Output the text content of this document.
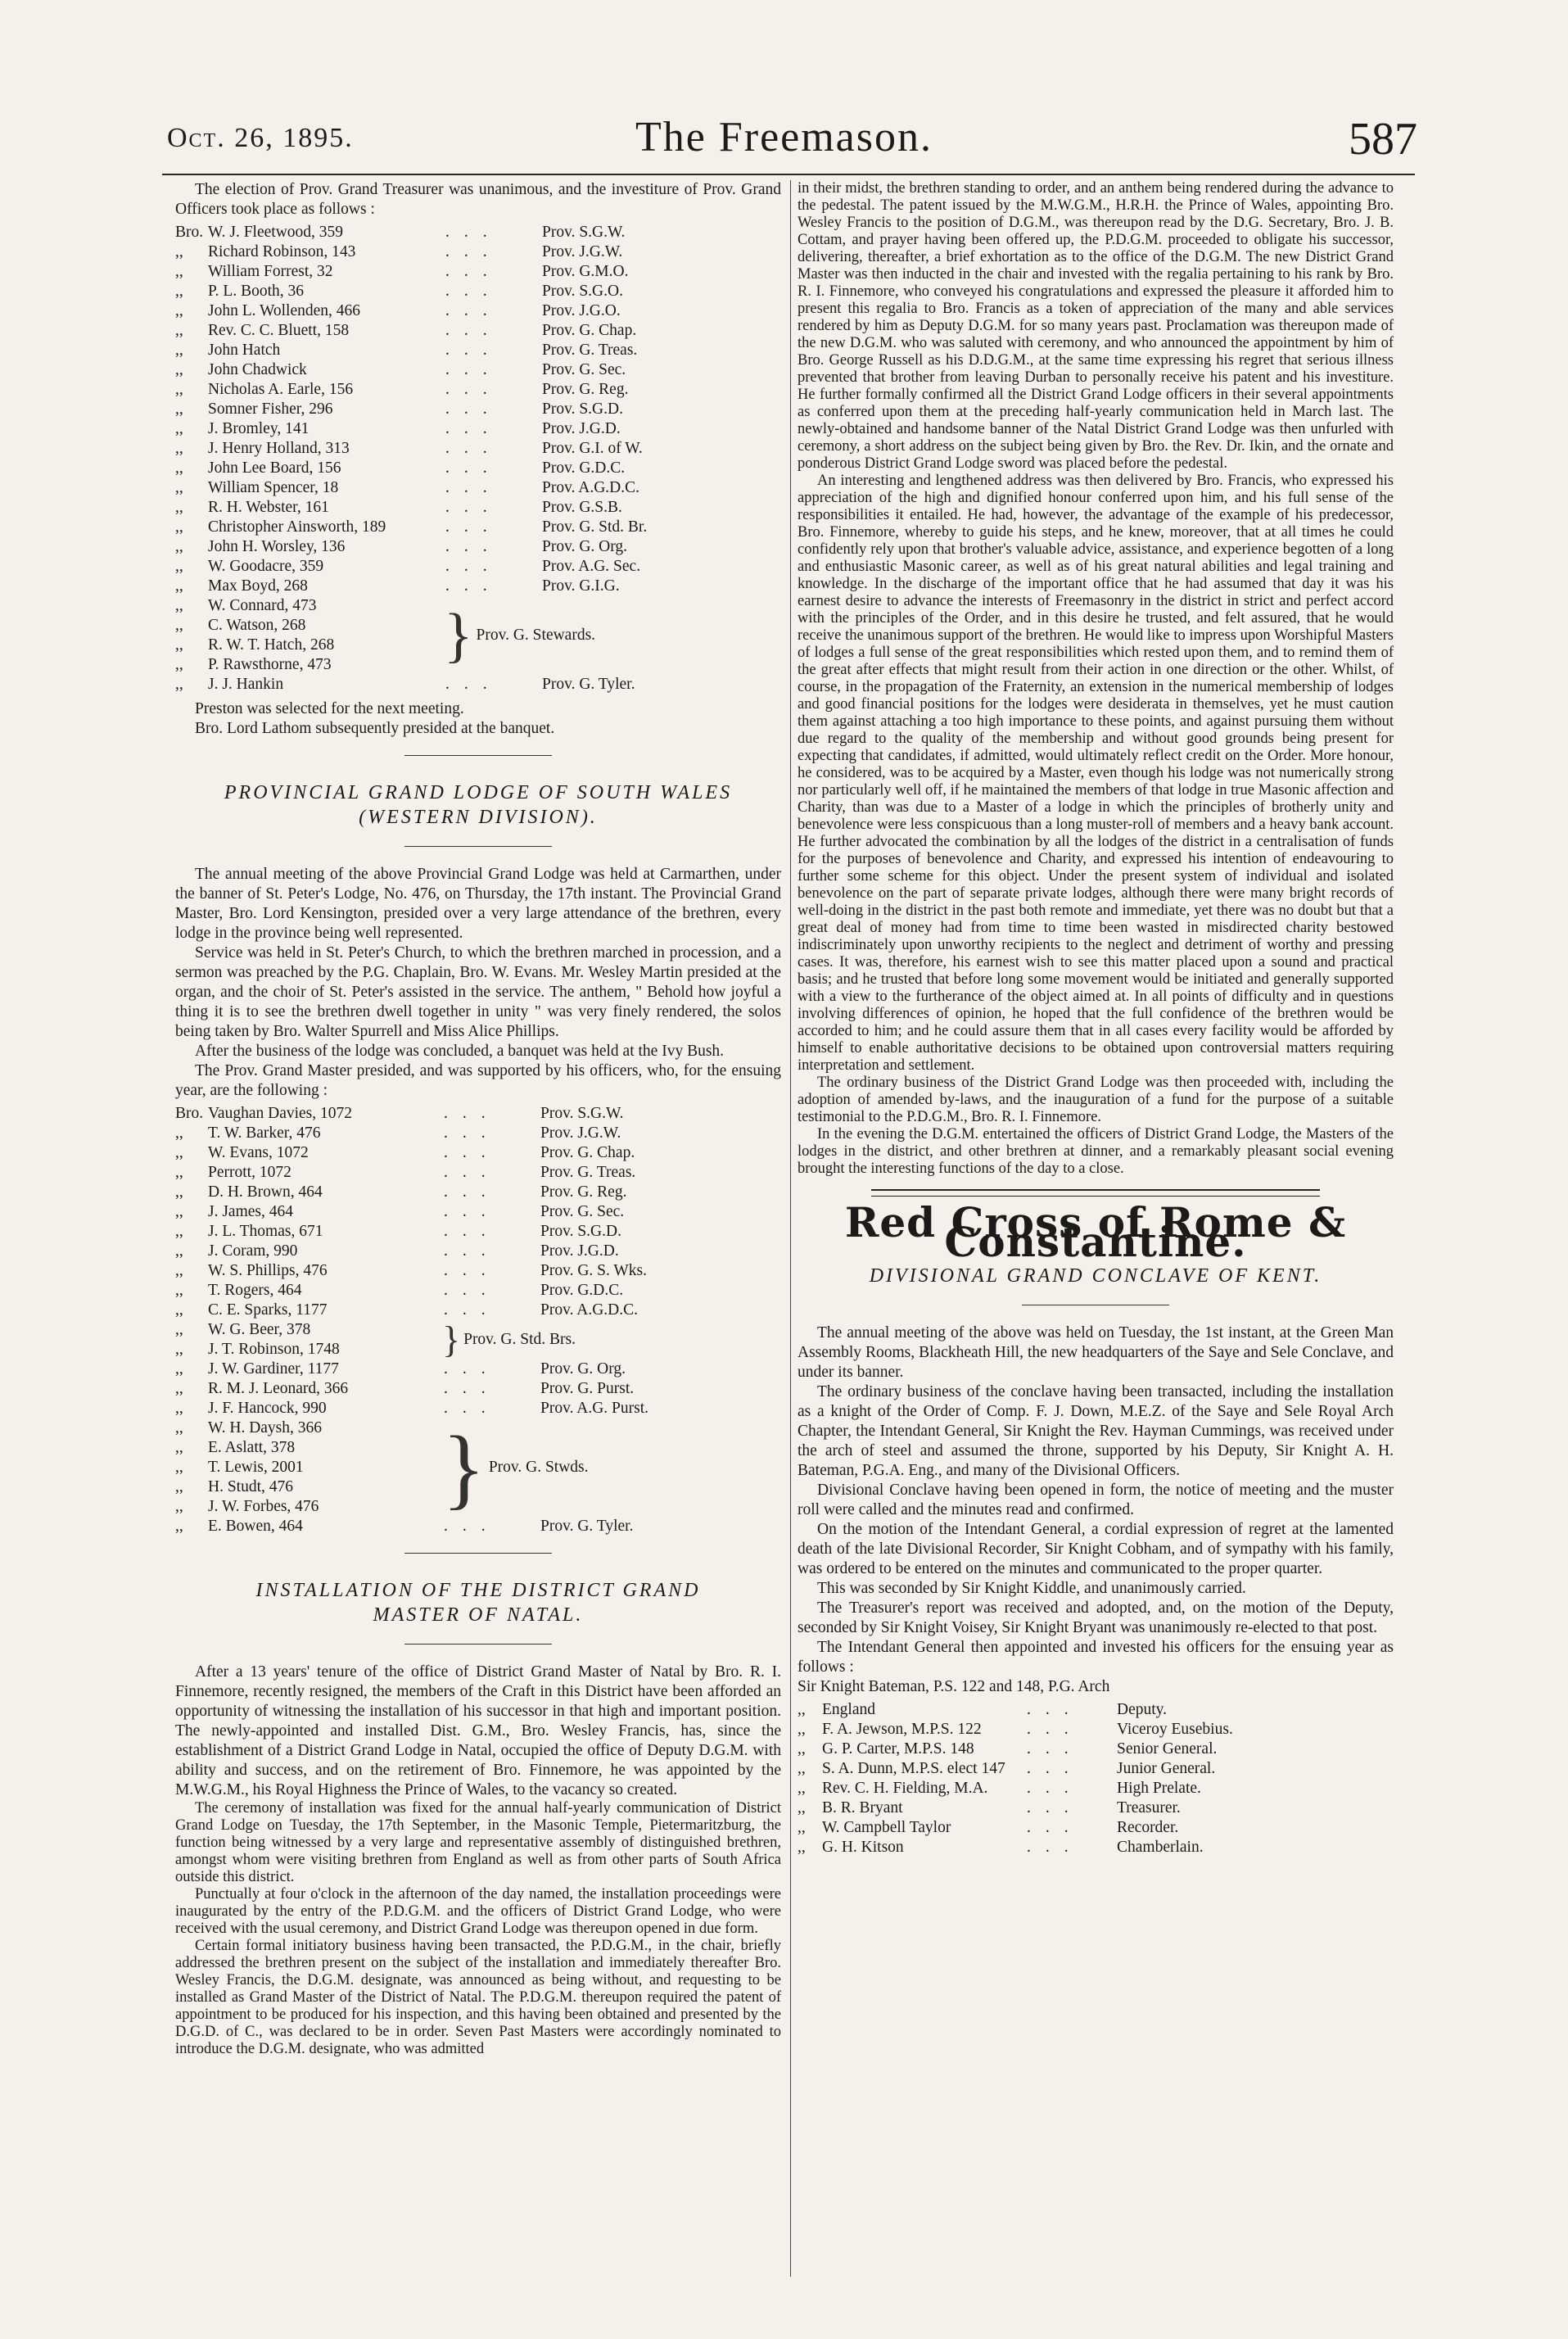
Oct. 26, 1895.	The Freemason.	587

The election of Prov. Grand Treasurer was unanimous, and the investiture of Prov. Grand Officers took place as follows :

Bro. W. J. Fleetwood, 359	...	Prov. S.G.W.
,,	Richard Robinson, 143	...	Prov. J.G.W.
,,	William Forrest, 32	...	Prov. G.M.O.
,,	P. L. Booth, 36	...	Prov. S.G.O.
,,	John L. Wollenden, 466	...	Prov. J.G.O.
,,	Rev. C. C. Bluett, 158	...	Prov. G. Chap.
,,	John Hatch	...	Prov. G. Treas.
,,	John Chadwick	...	Prov. G. Sec.
,,	Nicholas A. Earle, 156	...	Prov. G. Reg.
,,	Somner Fisher, 296	...	Prov. S.G.D.
,,	J. Bromley, 141	...	Prov. J.G.D.
,,	J. Henry Holland, 313	...	Prov. G.I. of W.
,,	John Lee Board, 156	...	Prov. G.D.C.
,,	William Spencer, 18	...	Prov. A.G.D.C.
,,	R. H. Webster, 161	...	Prov. G.S.B.
,,	Christopher Ainsworth, 189	...	Prov. G. Std. Br.
,,	John H. Worsley, 136	...	Prov. G. Org.
,,	W. Goodacre, 359	...	Prov. A.G. Sec.
,,	Max Boyd, 268	...	Prov. G.I.G.
,,	W. Connard, 473
,,	C. Watson, 268
,,	R. W. T. Hatch, 268
,,	P. Rawsthorne, 473	} Prov. G. Stewards.
,,	J. J. Hankin	...	Prov. G. Tyler.

Preston was selected for the next meeting.

Bro. Lord Lathom subsequently presided at the banquet.

PROVINCIAL GRAND LODGE OF SOUTH WALES
(WESTERN DIVISION).

The annual meeting of the above Provincial Grand Lodge was held at Carmarthen, under the banner of St. Peter's Lodge, No. 476, on Thursday, the 17th instant. The Provincial Grand Master, Bro. Lord Kensington, presided over a very large attendance of the brethren, every lodge in the province being well represented.

Service was held in St. Peter's Church, to which the brethren marched in procession, and a sermon was preached by the P.G. Chaplain, Bro. W. Evans. Mr. Wesley Martin presided at the organ, and the choir of St. Peter's assisted in the service. The anthem, " Behold how joyful a thing it is to see the brethren dwell together in unity " was very finely rendered, the solos being taken by Bro. Walter Spurrell and Miss Alice Phillips.

After the business of the lodge was concluded, a banquet was held at the Ivy Bush.

The Prov. Grand Master presided, and was supported by his officers, who, for the ensuing year, are the following :

Bro. Vaughan Davies, 1072	...	Prov. S.G.W.
,,	T. W. Barker, 476	...	Prov. J.G.W.
,,	W. Evans, 1072	...	Prov. G. Chap.
,,	Perrott, 1072	...	Prov. G. Treas.
,,	D. H. Brown, 464	...	Prov. G. Reg.
,,	J. James, 464	...	Prov. G. Sec.
,,	J. L. Thomas, 671	...	Prov. S.G.D.
,,	J. Coram, 990	...	Prov. J.G.D.
,,	W. S. Phillips, 476	...	Prov. G. S. Wks.
,,	T. Rogers, 464	...	Prov. G.D.C.
,,	C. E. Sparks, 1177	...	Prov. A.G.D.C.
,,	W. G. Beer, 378
,,	J. T. Robinson, 1748	} Prov. G. Std. Brs.
,,	J. W. Gardiner, 1177	...	Prov. G. Org.
,,	R. M. J. Leonard, 366	...	Prov. G. Purst.
,,	J. F. Hancock, 990	...	Prov. A.G. Purst.
,,	W. H. Daysh, 366
,,	E. Aslatt, 378
,,	T. Lewis, 2001
,,	H. Studt, 476
,,	J. W. Forbes, 476	} Prov. G. Stwds.
,,	E. Bowen, 464	...	Prov. G. Tyler.
INSTALLATION OF THE DISTRICT GRAND
MASTER OF NATAL.

After a 13 years' tenure of the office of District Grand Master of Natal by Bro. R. I. Finnemore, recently resigned, the members of the Craft in this District have been afforded an opportunity of witnessing the installation of his successor in that high and important position. The newly-appointed and installed Dist. G.M., Bro. Wesley Francis, has, since the establishment of a District Grand Lodge in Natal, occupied the office of Deputy D.G.M. with ability and success, and on the retirement of Bro. Finnemore, he was appointed by the M.W.G.M., his Royal Highness the Prince of Wales, to the vacancy so created.

The ceremony of installation was fixed for the annual half-yearly communication of District Grand Lodge on Tuesday, the 17th September, in the Masonic Temple, Pietermaritzburg, the function being witnessed by a very large and representative assembly of distinguished brethren, amongst whom were visiting brethren from England as well as from other parts of South Africa outside this district.

Punctually at four o'clock in the afternoon of the day named, the installation proceedings were inaugurated by the entry of the P.D.G.M. and the officers of District Grand Lodge, who were received with the usual ceremony, and District Grand Lodge was thereupon opened in due form.

Certain formal initiatory business having been transacted, the P.D.G.M., in the chair, briefly addressed the brethren present on the subject of the installation and immediately thereafter Bro. Wesley Francis, the D.G.M. designate, was announced as being without, and requesting to be installed as Grand Master of the District of Natal. The P.D.G.M. thereupon required the patent of appointment to be produced for his inspection, and this having been obtained and presented by the D.G.D. of C., was declared to be in order. Seven Past Masters were accordingly nominated to introduce the D.G.M. designate, who was admitted

in their midst, the brethren standing to order, and an anthem being rendered during the advance to the pedestal. The patent issued by the M.W.G.M., H.R.H. the Prince of Wales, appointing Bro. Wesley Francis to the position of D.G.M., was thereupon read by the D.G. Secretary, Bro. J. B. Cottam, and prayer having been offered up, the P.D.G.M. proceeded to obligate his successor, delivering, thereafter, a brief exhortation as to the office of the D.G.M. The new District Grand Master was then inducted in the chair and invested with the regalia pertaining to his rank by Bro. R. I. Finnemore, who conveyed his congratulations and expressed the pleasure it afforded him to present this regalia to Bro. Francis as a token of appreciation of the many and able services rendered by him as Deputy D.G.M. for so many years past. Proclamation was thereupon made of the new D.G.M. who was saluted with ceremony, and who announced the appointment by him of Bro. George Russell as his D.D.G.M., at the same time expressing his regret that serious illness prevented that brother from leaving Durban to personally receive his patent and his investiture. He further formally confirmed all the District Grand Lodge officers in their several appointments as conferred upon them at the preceding half-yearly communication held in March last. The newly-obtained and handsome banner of the Natal District Grand Lodge was then unfurled with ceremony, a short address on the subject being given by Bro. the Rev. Dr. Ikin, and the ornate and ponderous District Grand Lodge sword was placed before the pedestal.

An interesting and lengthened address was then delivered by Bro. Francis, who expressed his appreciation of the high and dignified honour conferred upon him, and his full sense of the responsibilities it entailed. He had, however, the advantage of the example of his predecessor, Bro. Finnemore, whereby to guide his steps, and he knew, moreover, that at all times he could confidently rely upon that brother's valuable advice, assistance, and experience begotten of a long and enthusiastic Masonic career, as well as of his great natural abilities and legal training and knowledge. In the discharge of the important office that he had assumed that day it was his earnest desire to advance the interests of Freemasonry in the district in strict and perfect accord with the principles of the Order, and in this desire he trusted, and felt assured, that he would receive the unanimous support of the brethren. He would like to impress upon Worshipful Masters of lodges a full sense of the great responsibilities which rested upon them, and to remind them of the great after effects that might result from their action in one direction or the other. Whilst, of course, in the propagation of the Fraternity, an extension in the numerical membership of lodges and good financial positions for the lodges were desiderata in themselves, yet he must caution them against attaching a too high importance to these points, and against pursuing them without due regard to the quality of the membership and without good grounds being present for expecting that candidates, if admitted, would ultimately reflect credit on the Order. More honour, he considered, was to be acquired by a Master, even though his lodge was not numerically strong nor particularly well off, if he maintained the members of that lodge in true Masonic affection and Charity, than was due to a Master of a lodge in which the principles of brotherly unity and benevolence were less conspicuous than a long muster-roll of members and a heavy bank account. He further advocated the combination by all the lodges of the district in a centralisation of funds for the purposes of benevolence and Charity, and expressed his intention of endeavouring to further some scheme for this object. Under the present system of individual and isolated benevolence on the part of separate private lodges, although there were many bright records of well-doing in the district in the past both remote and immediate, yet there was no doubt but that a great deal of money had from time to time been wasted in misdirected charity bestowed indiscriminately upon unworthy recipients to the neglect and detriment of worthy and pressing cases. It was, therefore, his earnest wish to see this matter placed upon a sound and practical basis; and he trusted that before long some movement would be initiated and generally supported with a view to the furtherance of the object aimed at. In all points of difficulty and in questions involving differences of opinion, he hoped that the full confidence of the brethren would be accorded to him; and he could assure them that in all cases every facility would be afforded by himself to enable authoritative decisions to be obtained upon controversial matters requiring interpretation and settlement.

The ordinary business of the District Grand Lodge was then proceeded with, including the adoption of amended by-laws, and the inauguration of a fund for the purpose of a suitable testimonial to the P.D.G.M., Bro. R. I. Finnemore.

In the evening the D.G.M. entertained the officers of District Grand Lodge, the Masters of the lodges in the district, and other brethren at dinner, and a remarkably pleasant social evening brought the interesting functions of the day to a close.

Red Cross of Rome & Constantine.
DIVISIONAL GRAND CONCLAVE OF KENT.

The annual meeting of the above was held on Tuesday, the 1st instant, at the Green Man Assembly Rooms, Blackheath Hill, the new headquarters of the Saye and Sele Conclave, and under its banner.

The ordinary business of the conclave having been transacted, including the installation as a knight of the Order of Comp. F. J. Down, M.E.Z. of the Saye and Sele Royal Arch Chapter, the Intendant General, Sir Knight the Rev. Hayman Cummings, was received under the arch of steel and assumed the throne, supported by his Deputy, Sir Knight A. H. Bateman, P.G.A. Eng., and many of the Divisional Officers.

Divisional Conclave having been opened in form, the notice of meeting and the muster roll were called and the minutes read and confirmed.

On the motion of the Intendant General, a cordial expression of regret at the lamented death of the late Divisional Recorder, Sir Knight Cobham, and of sympathy with his family, was ordered to be entered on the minutes and communicated to the proper quarter.

This was seconded by Sir Knight Kiddle, and unanimously carried.

The Treasurer's report was received and adopted, and, on the motion of the Deputy, seconded by Sir Knight Voisey, Sir Knight Bryant was unanimously re-elected to that post.

The Intendant General then appointed and invested his officers for the ensuing year as follows :

Sir Knight Bateman, P.S. 122 and 148, P.G. Arch

,,	England	...	Deputy.
,,	F. A. Jewson, M.P.S. 122	...	Viceroy Eusebius.
,,	G. P. Carter, M.P.S. 148	...	Senior General.
,,	S. A. Dunn, M.P.S. elect 147	...	Junior General.
,,	Rev. C. H. Fielding, M.A.	...	High Prelate.
,,	B. R. Bryant	...	Treasurer.
,,	W. Campbell Taylor	...	Recorder.
,,	G. H. Kitson	...	Chamberlain.
